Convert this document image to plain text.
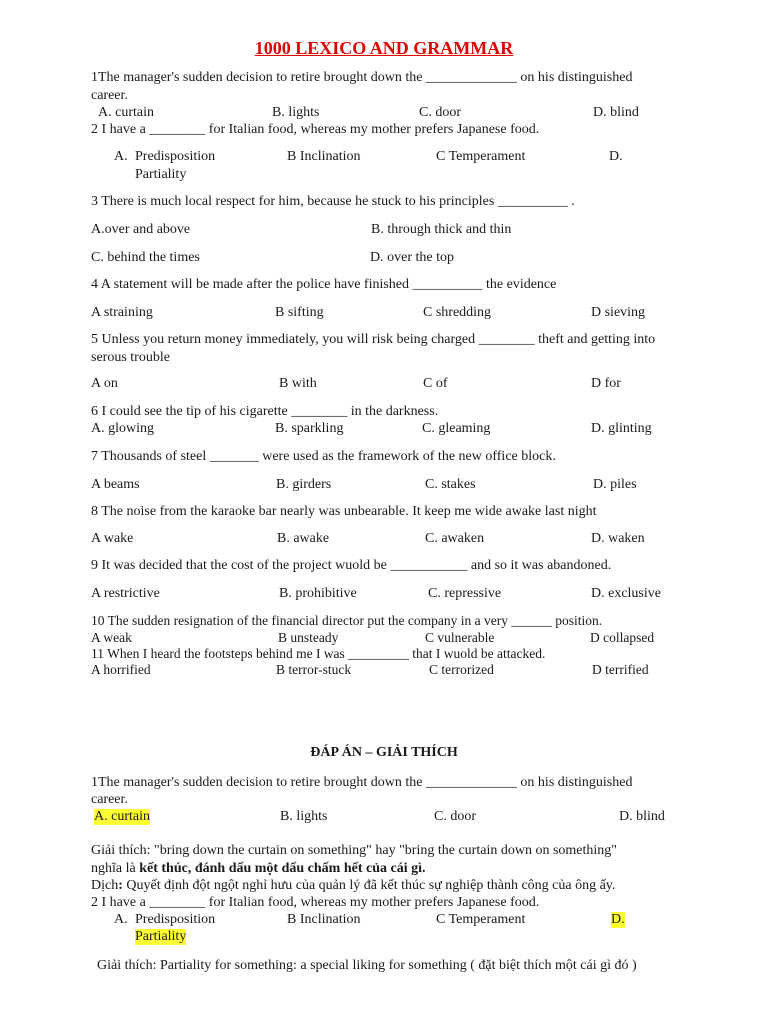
1000 LEXICO AND GRAMMAR
1The manager's sudden decision to retire brought down the _____________ on his distinguished
career.
A. curtain	B. lights	C. door	D. blind
2 I have a ________ for Italian food, whereas my mother prefers Japanese food.
A. Predisposition	B Inclination	C Temperament	D.
Partiality
3 There is much local respect for him, because he stuck to his principles __________ .
A.over and above	B. through thick and thin
C. behind the times	D. over the top
4 A statement will be made after the police have finished __________ the evidence
A straining	B sifting	C shredding	D sieving
5 Unless you return money immediately, you will risk being charged ________ theft and getting into
serous trouble
A on	B with	C of	D for
6 I could see the tip of his cigarette ________ in the darkness.
A. glowing	B. sparkling	C. gleaming	D. glinting
7 Thousands of steel _______ were used as the framework of the new office block.
A beams	B. girders	C. stakes	D. piles
8 The noise from the karaoke bar nearly was unbearable. It keep me wide awake last night
A wake	B. awake	C. awaken	D. waken
9 It was decided that the cost of the project wuold be ___________ and so it was abandoned.
A restrictive	B. prohibitive	C. repressive	D. exclusive
10 The sudden resignation of the financial director put the company in a very ______ position.
A weak	B unsteady	C vulnerable	D collapsed
11 When I heard the footsteps behind me I was _________ that I wuold be attacked.
A horrified	B terror-stuck	C terrorized	D terrified
ĐÁP ÁN – GIẢI THÍCH
1The manager's sudden decision to retire brought down the _____________ on his distinguished
career.
A. curtain	B. lights	C. door	D. blind
Giải thích: "bring down the curtain on something" hay "bring the curtain down on something"
nghĩa là kết thúc, đánh dấu một dấu chấm hết của cái gì.
Dịch: Quyết định đột ngột nghỉ hưu của quản lý đã kết thúc sự nghiệp thành công của ông ấy.
2 I have a ________ for Italian food, whereas my mother prefers Japanese food.
A. Predisposition	B Inclination	C Temperament	D.
Partiality
Giải thích: Partiality for something: a special liking for something ( đặt biệt thích một cái gì đó )
